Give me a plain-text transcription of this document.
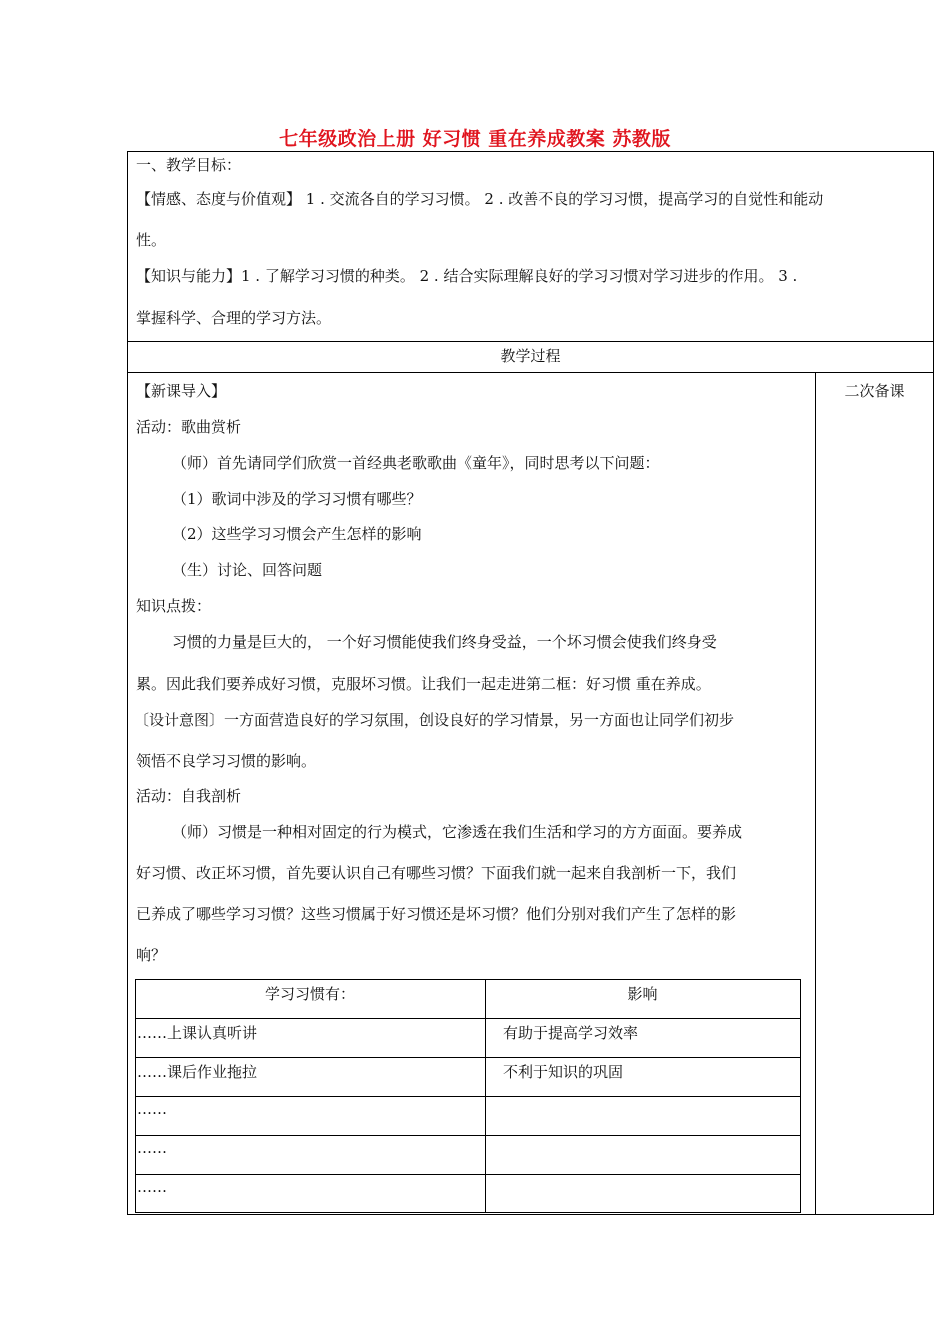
七年级政治上册 好习惯 重在养成教案 苏教版
一、教学目标：
【情感、态度与价值观】 1 . 交流各自的学习习惯。 2 . 改善不良的学习习惯，提高学习的自觉性和能动
性。
【知识与能力】1 . 了解学习习惯的种类。 2 . 结合实际理解良好的学习习惯对学习进步的作用。 3 .
掌握科学、合理的学习方法。
教学过程
二次备课
【新课导入】
活动：歌曲赏析
（师）首先请同学们欣赏一首经典老歌歌曲《童年》，同时思考以下问题：
（1）歌词中涉及的学习习惯有哪些？
（2）这些学习习惯会产生怎样的影响
（生）讨论、回答问题
知识点拨：
习惯的力量是巨大的， 一个好习惯能使我们终身受益，一个坏习惯会使我们终身受
累。因此我们要养成好习惯，克服坏习惯。让我们一起走进第二框：好习惯 重在养成。
〔设计意图〕一方面营造良好的学习氛围，创设良好的学习情景，另一方面也让同学们初步
领悟不良学习习惯的影响。
活动：自我剖析
（师）习惯是一种相对固定的行为模式，它渗透在我们生活和学习的方方面面。要养成
好习惯、改正坏习惯，首先要认识自己有哪些习惯？下面我们就一起来自我剖析一下，我们
已养成了哪些学习习惯？这些习惯属于好习惯还是坏习惯？他们分别对我们产生了怎样的影
响？
学习习惯有：	影响
……上课认真听讲	有助于提高学习效率
……课后作业拖拉	不利于知识的巩固
……
……
……
